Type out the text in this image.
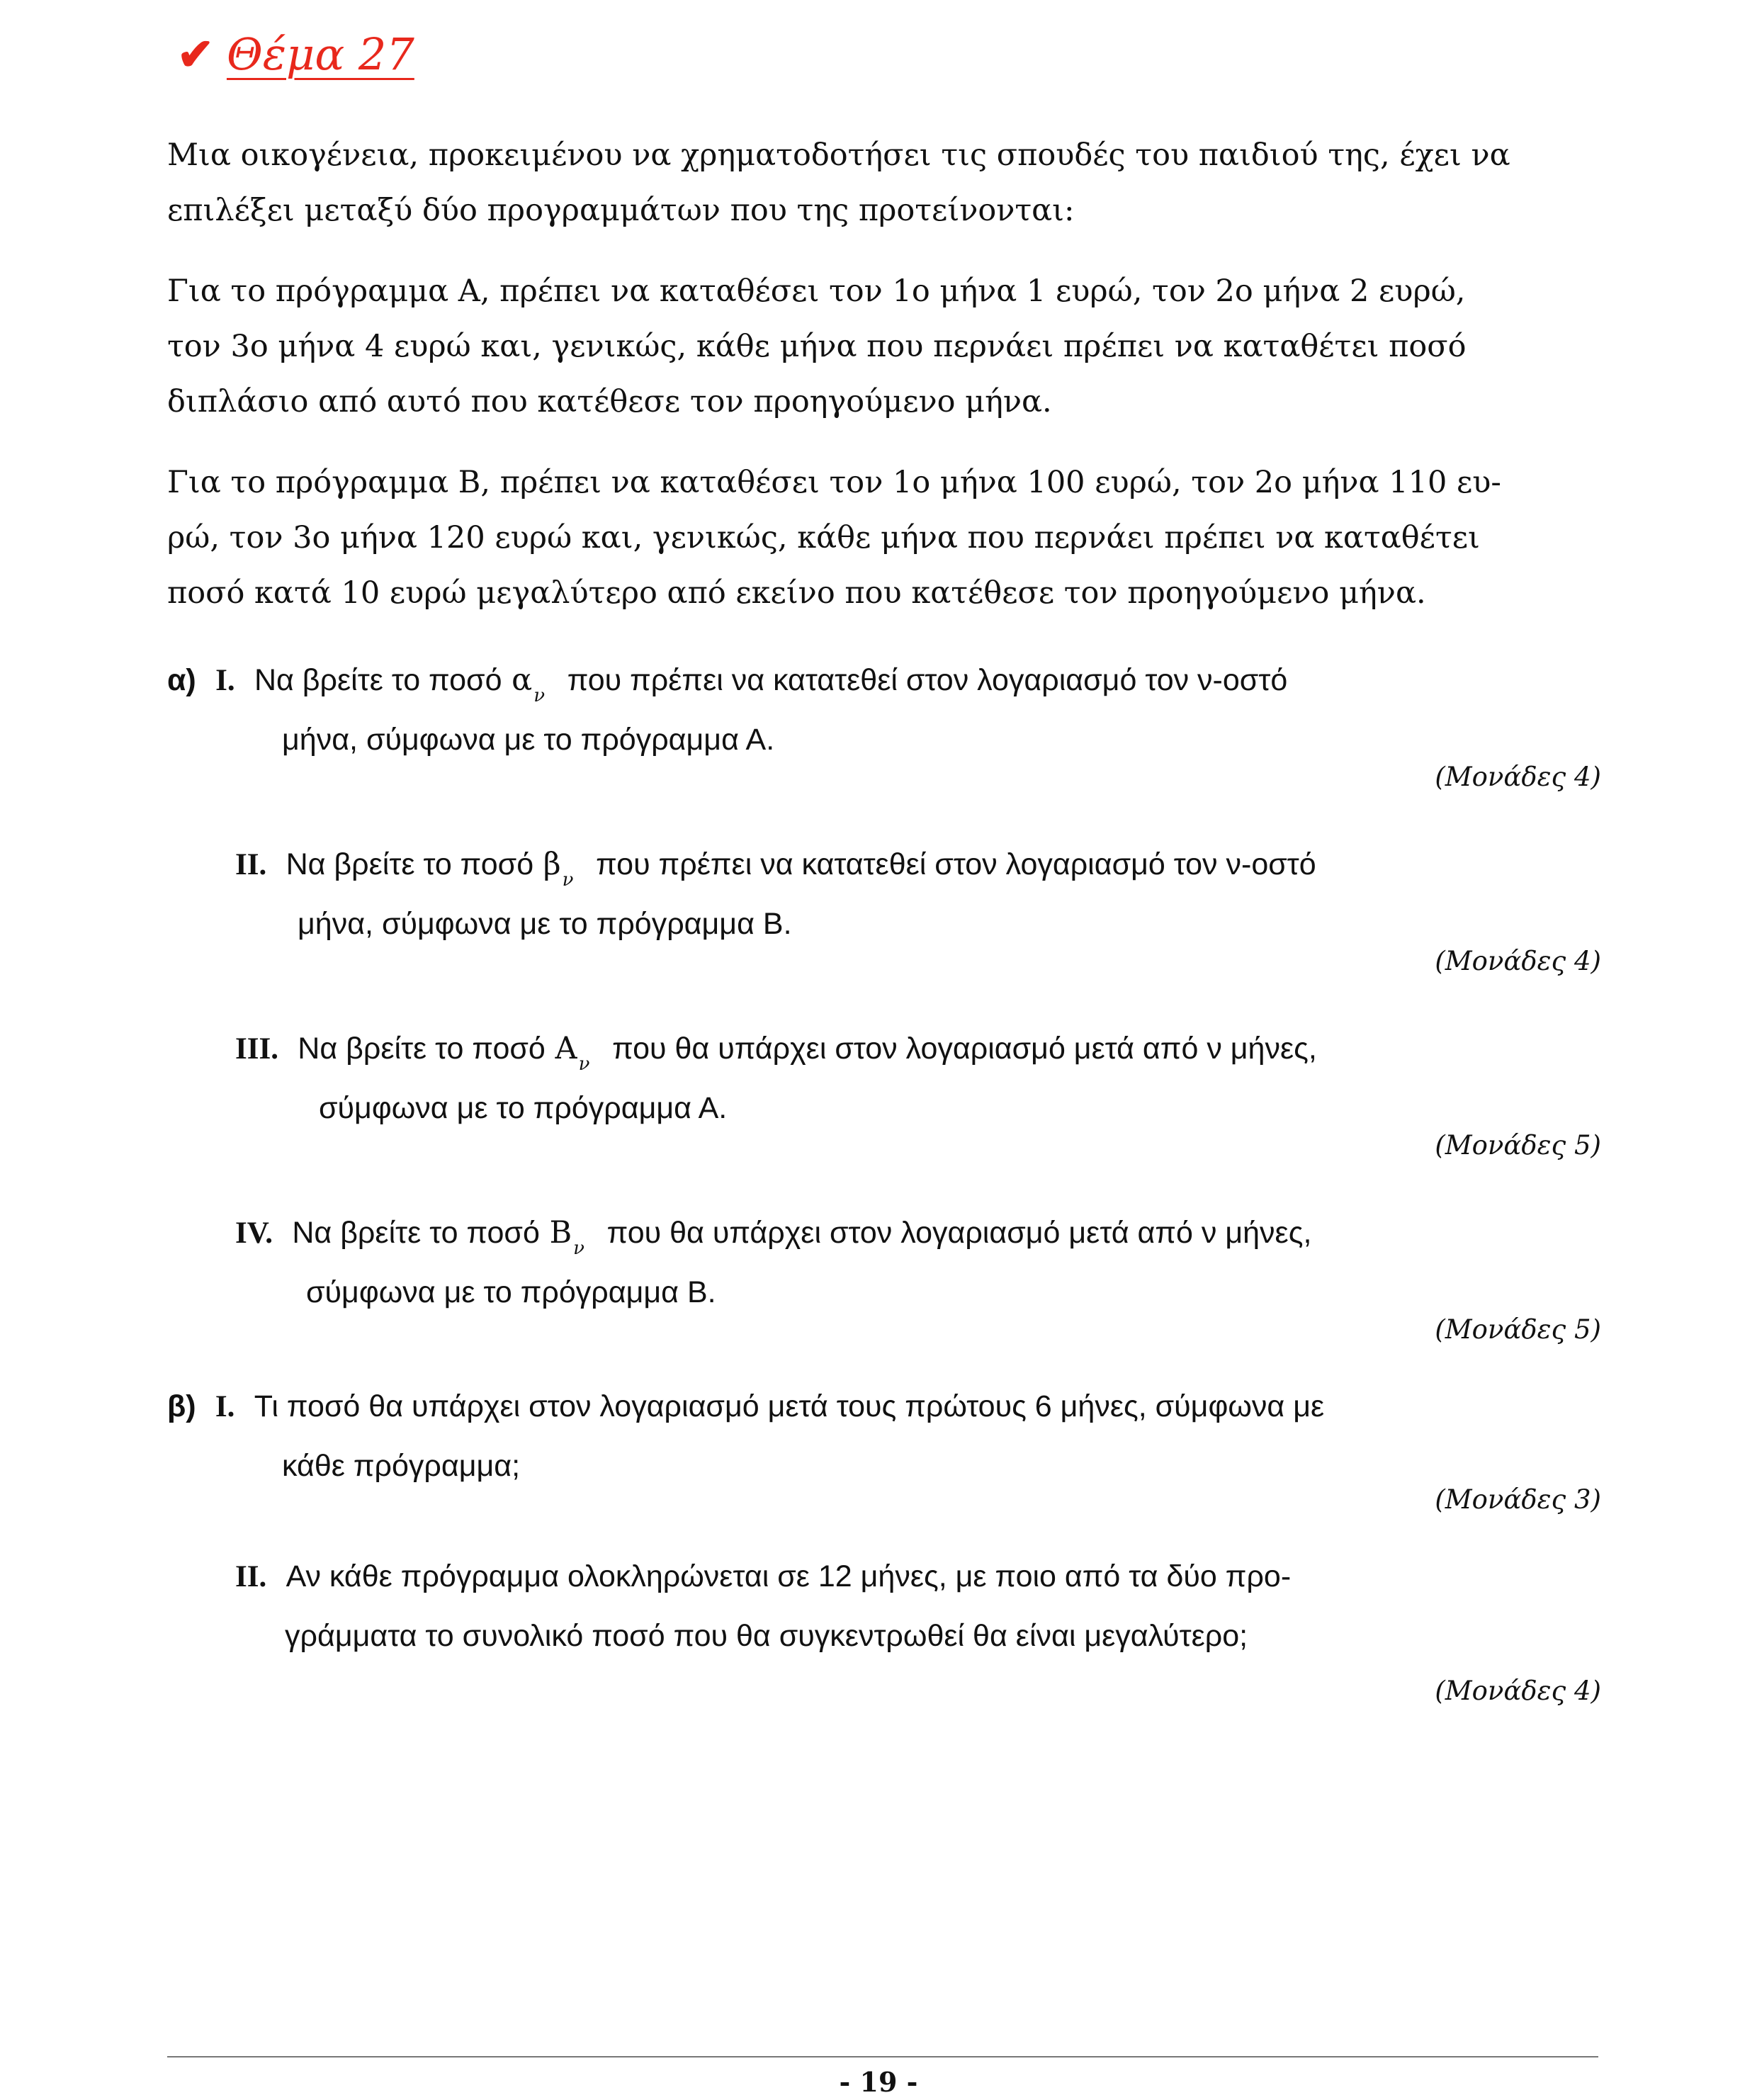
✔ Θέμα 27
Μια οικογένεια, προκειμένου να χρηματοδοτήσει τις σπουδές του παιδιού της, έχει να
επιλέξει μεταξύ δύο προγραμμάτων που της προτείνονται:
Για το πρόγραμμα Α, πρέπει να καταθέσει τον 1ο μήνα 1 ευρώ, τον 2ο μήνα 2 ευρώ,
τον 3ο μήνα 4 ευρώ και, γενικώς, κάθε μήνα που περνάει πρέπει να καταθέτει ποσό
διπλάσιο από αυτό που κατέθεσε τον προηγούμενο μήνα.
Για το πρόγραμμα Β, πρέπει να καταθέσει τον 1ο μήνα 100 ευρώ, τον 2ο μήνα 110 ευ-
ρώ, τον 3ο μήνα 120 ευρώ και, γενικώς, κάθε μήνα που περνάει πρέπει να καταθέτει
ποσό κατά 10 ευρώ μεγαλύτερο από εκείνο που κατέθεσε τον προηγούμενο μήνα.
α) I. Να βρείτε το ποσό $\alpha_\nu$ που πρέπει να κατατεθεί στον λογαριασμό τον ν-οστό
μήνα, σύμφωνα με το πρόγραμμα Α.
(Μονάδες 4)
II. Να βρείτε το ποσό $\beta_\nu$ που πρέπει να κατατεθεί στον λογαριασμό τον ν-οστό
μήνα, σύμφωνα με το πρόγραμμα Β.
(Μονάδες 4)
III. Να βρείτε το ποσό $A_\nu$ που θα υπάρχει στον λογαριασμό μετά από ν μήνες,
σύμφωνα με το πρόγραμμα Α.
(Μονάδες 5)
IV. Να βρείτε το ποσό $B_\nu$ που θα υπάρχει στον λογαριασμό μετά από ν μήνες,
σύμφωνα με το πρόγραμμα Β.
(Μονάδες 5)
β) I. Τι ποσό θα υπάρχει στον λογαριασμό μετά τους πρώτους 6 μήνες, σύμφωνα με
κάθε πρόγραμμα;
(Μονάδες 3)
II. Αν κάθε πρόγραμμα ολοκληρώνεται σε 12 μήνες, με ποιο από τα δύο προ-
γράμματα το συνολικό ποσό που θα συγκεντρωθεί θα είναι μεγαλύτερο;
(Μονάδες 4)
- 19 -
